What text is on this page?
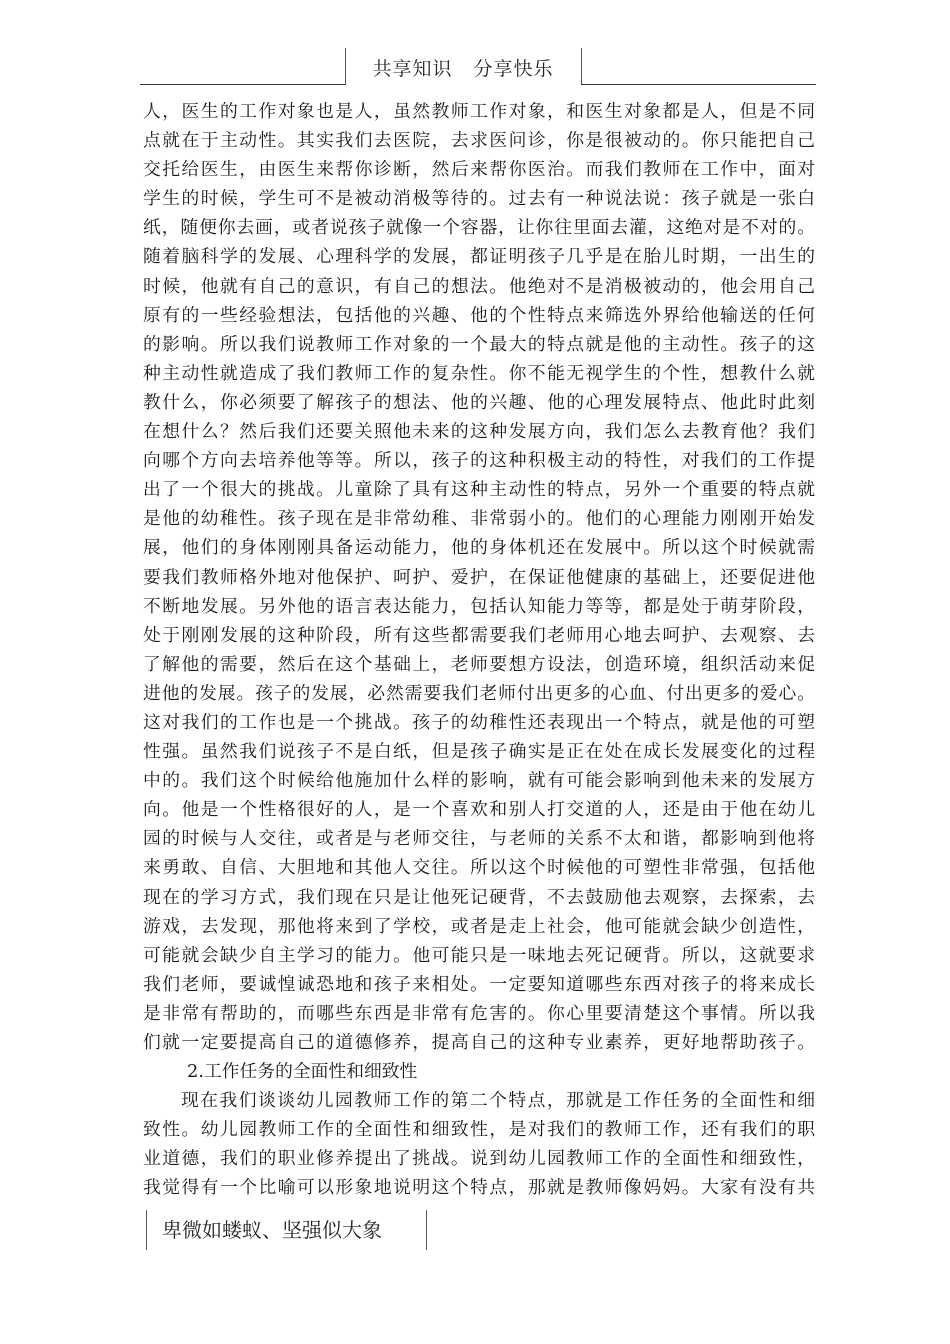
共享知识   分享快乐
人，医生的工作对象也是人，虽然教师工作对象，和医生对象都是人，但是不同
点就在于主动性。其实我们去医院，去求医问诊，你是很被动的。你只能把自己
交托给医生，由医生来帮你诊断，然后来帮你医治。而我们教师在工作中，面对
学生的时候，学生可不是被动消极等待的。过去有一种说法说：孩子就是一张白
纸，随便你去画，或者说孩子就像一个容器，让你往里面去灌，这绝对是不对的。
随着脑科学的发展、心理科学的发展，都证明孩子几乎是在胎儿时期，一出生的
时候，他就有自己的意识，有自己的想法。他绝对不是消极被动的，他会用自己
原有的一些经验想法，包括他的兴趣、他的个性特点来筛选外界给他输送的任何
的影响。所以我们说教师工作对象的一个最大的特点就是他的主动性。孩子的这
种主动性就造成了我们教师工作的复杂性。你不能无视学生的个性，想教什么就
教什么，你必须要了解孩子的想法、他的兴趣、他的心理发展特点、他此时此刻
在想什么？然后我们还要关照他未来的这种发展方向，我们怎么去教育他？我们
向哪个方向去培养他等等。所以，孩子的这种积极主动的特性，对我们的工作提
出了一个很大的挑战。儿童除了具有这种主动性的特点，另外一个重要的特点就
是他的幼稚性。孩子现在是非常幼稚、非常弱小的。他们的心理能力刚刚开始发
展，他们的身体刚刚具备运动能力，他的身体机还在发展中。所以这个时候就需
要我们教师格外地对他保护、呵护、爱护，在保证他健康的基础上，还要促进他
不断地发展。另外他的语言表达能力，包括认知能力等等，都是处于萌芽阶段，
处于刚刚发展的这种阶段，所有这些都需要我们老师用心地去呵护、去观察、去
了解他的需要，然后在这个基础上，老师要想方设法，创造环境，组织活动来促
进他的发展。孩子的发展，必然需要我们老师付出更多的心血、付出更多的爱心。
这对我们的工作也是一个挑战。孩子的幼稚性还表现出一个特点，就是他的可塑
性强。虽然我们说孩子不是白纸，但是孩子确实是正在处在成长发展变化的过程
中的。我们这个时候给他施加什么样的影响，就有可能会影响到他未来的发展方
向。他是一个性格很好的人，是一个喜欢和别人打交道的人，还是由于他在幼儿
园的时候与人交往，或者是与老师交往，与老师的关系不太和谐，都影响到他将
来勇敢、自信、大胆地和其他人交往。所以这个时候他的可塑性非常强，包括他
现在的学习方式，我们现在只是让他死记硬背，不去鼓励他去观察，去探索，去
游戏，去发现，那他将来到了学校，或者是走上社会，他可能就会缺少创造性，
可能就会缺少自主学习的能力。他可能只是一味地去死记硬背。所以，这就要求
我们老师，要诚惶诚恐地和孩子来相处。一定要知道哪些东西对孩子的将来成长
是非常有帮助的，而哪些东西是非常有危害的。你心里要清楚这个事情。所以我
们就一定要提高自己的道德修养，提高自己的这种专业素养，更好地帮助孩子。
2.工作任务的全面性和细致性
现在我们谈谈幼儿园教师工作的第二个特点，那就是工作任务的全面性和细
致性。幼儿园教师工作的全面性和细致性，是对我们的教师工作，还有我们的职
业道德，我们的职业修养提出了挑战。说到幼儿园教师工作的全面性和细致性，
我觉得有一个比喻可以形象地说明这个特点，那就是教师像妈妈。大家有没有共
卑微如蝼蚁、坚强似大象
